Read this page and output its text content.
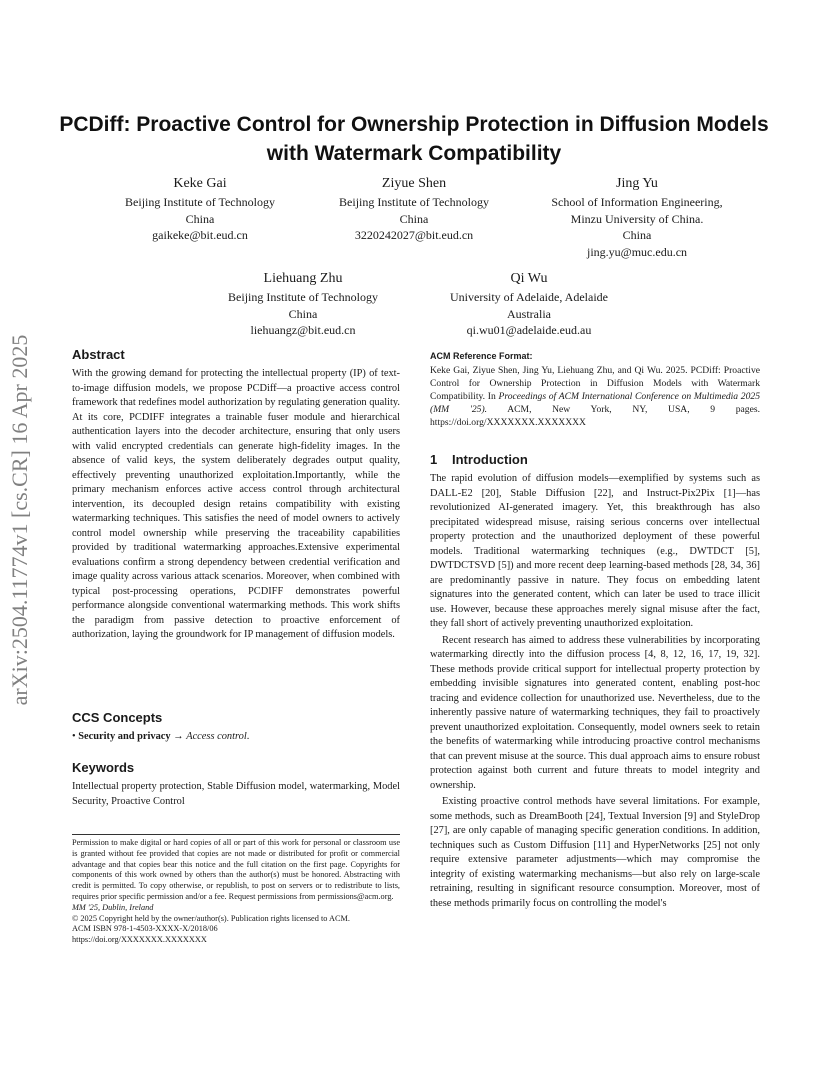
arXiv:2504.11774v1 [cs.CR] 16 Apr 2025
PCDiff: Proactive Control for Ownership Protection in Diffusion Models with Watermark Compatibility
Keke Gai
Beijing Institute of Technology
China
gaikeke@bit.eud.cn
Ziyue Shen
Beijing Institute of Technology
China
3220242027@bit.eud.cn
Jing Yu
School of Information Engineering,
Minzu University of China.
China
jing.yu@muc.edu.cn
Liehuang Zhu
Beijing Institute of Technology
China
liehuangz@bit.eud.cn
Qi Wu
University of Adelaide, Adelaide
Australia
qi.wu01@adelaide.eud.au
Abstract

With the growing demand for protecting the intellectual property (IP) of text-to-image diffusion models, we propose PCDiff—a proactive access control framework that redefines model authorization by regulating generation quality. At its core, PCDIFF integrates a trainable fuser module and hierarchical authentication layers into the decoder architecture, ensuring that only users with valid encrypted credentials can generate high-fidelity images. In the absence of valid keys, the system deliberately degrades output quality, effectively preventing unauthorized exploitation.Importantly, while the primary mechanism enforces active access control through architectural intervention, its decoupled design retains compatibility with existing watermarking techniques. This satisfies the need of model owners to actively control model ownership while preserving the traceability capabilities provided by traditional watermarking approaches.Extensive experimental evaluations confirm a strong dependency between credential verification and image quality across various attack scenarios. Moreover, when combined with typical post-processing operations, PCDIFF demonstrates powerful performance alongside conventional watermarking methods. This work shifts the paradigm from passive detection to proactive enforcement of authorization, laying the groundwork for IP management of diffusion models.

CCS Concepts

• Security and privacy → Access control.

Keywords

Intellectual property protection, Stable Diffusion model, watermarking, Model Security, Proactive Control

Permission to make digital or hard copies of all or part of this work for personal or classroom use is granted without fee provided that copies are not made or distributed for profit or commercial advantage and that copies bear this notice and the full citation on the first page. Copyrights for components of this work owned by others than the author(s) must be honored. Abstracting with credit is permitted. To copy otherwise, or republish, to post on servers or to redistribute to lists, requires prior specific permission and/or a fee. Request permissions from permissions@acm.org.

MM '25, Dublin, Ireland

© 2025 Copyright held by the owner/author(s). Publication rights licensed to ACM.

ACM ISBN 978-1-4503-XXXX-X/2018/06

https://doi.org/XXXXXXX.XXXXXXX

ACM Reference Format:

Keke Gai, Ziyue Shen, Jing Yu, Liehuang Zhu, and Qi Wu. 2025. PCDiff: Proactive Control for Ownership Protection in Diffusion Models with Watermark Compatibility. In Proceedings of ACM International Conference on Multimedia 2025 (MM '25). ACM, New York, NY, USA, 9 pages. https://doi.org/XXXXXXX.XXXXXXX

1 Introduction

The rapid evolution of diffusion models—exemplified by systems such as DALL-E2 [20], Stable Diffusion [22], and Instruct-Pix2Pix [1]—has revolutionized AI-generated imagery. Yet, this breakthrough has also precipitated widespread misuse, raising serious concerns over intellectual property protection and the unauthorized deployment of these powerful models. Traditional watermarking techniques (e.g., DWTDCT [5], DWTDCTSVD [5]) and more recent deep learning-based methods [28, 34, 36] are predominantly passive in nature. They focus on embedding latent signatures into the generated content, which can later be used to trace illicit use. However, because these approaches merely signal misuse after the fact, they fall short of actively preventing unauthorized exploitation.

Recent research has aimed to address these vulnerabilities by incorporating watermarking directly into the diffusion process [4, 8, 12, 16, 17, 19, 32]. These methods provide critical support for intellectual property protection by embedding invisible signatures into generated content, enabling post-hoc tracing and evidence collection for unauthorized use. Nevertheless, due to the inherently passive nature of watermarking techniques, they fail to proactively prevent unauthorized exploitation. Consequently, model owners seek to retain the benefits of watermarking while introducing proactive control mechanisms that can prevent misuse at the source. This dual approach aims to ensure robust protection against both current and future threats to model integrity and ownership.

Existing proactive control methods have several limitations. For example, some methods, such as DreamBooth [24], Textual Inversion [9] and StyleDrop [27], are only capable of managing specific generation conditions. In addition, techniques such as Custom Diffusion [11] and HyperNetworks [25] not only require extensive parameter adjustments—which may compromise the integrity of existing watermarking mechanisms—but also rely on large-scale retraining, resulting in significant resource consumption. Moreover, most of these methods primarily focus on controlling the model's
